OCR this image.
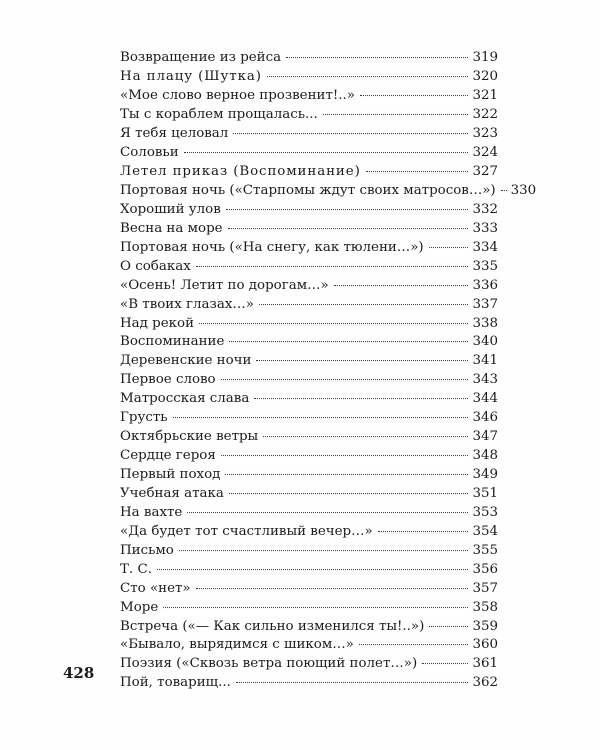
Возвращение из рейса	319
На плацу (Шутка)	320
«Мое слово верное прозвенит!..»	321
Ты с кораблем прощалась...	322
Я тебя целовал	323
Соловьи	324
Летел приказ (Воспоминание)	327
Портовая ночь («Старпомы ждут своих матросов…») 330
Хороший улов	332
Весна на море	333
Портовая ночь («На снегу, как тюлени…»)	334
О собаках	335
«Осень! Летит по дорогам…»	336
«В твоих глазах…»	337
Над рекой	338
Воспоминание	340
Деревенские ночи	341
Первое слово	343
Матросская слава	344
Грусть	346
Октябрьские ветры	347
Сердце героя	348
Первый поход	349
Учебная атака	351
На вахте	353
«Да будет тот счастливый вечер…»	354
Письмо	355
Т. С.	356
Сто «нет»	357
Море	358
Встреча («— Как сильно изменился ты!..»)	359
«Бывало, вырядимся с шиком…»	360
Поэзия («Сквозь ветра поющий полет…»)	361
Пой, товарищ...	362
428
